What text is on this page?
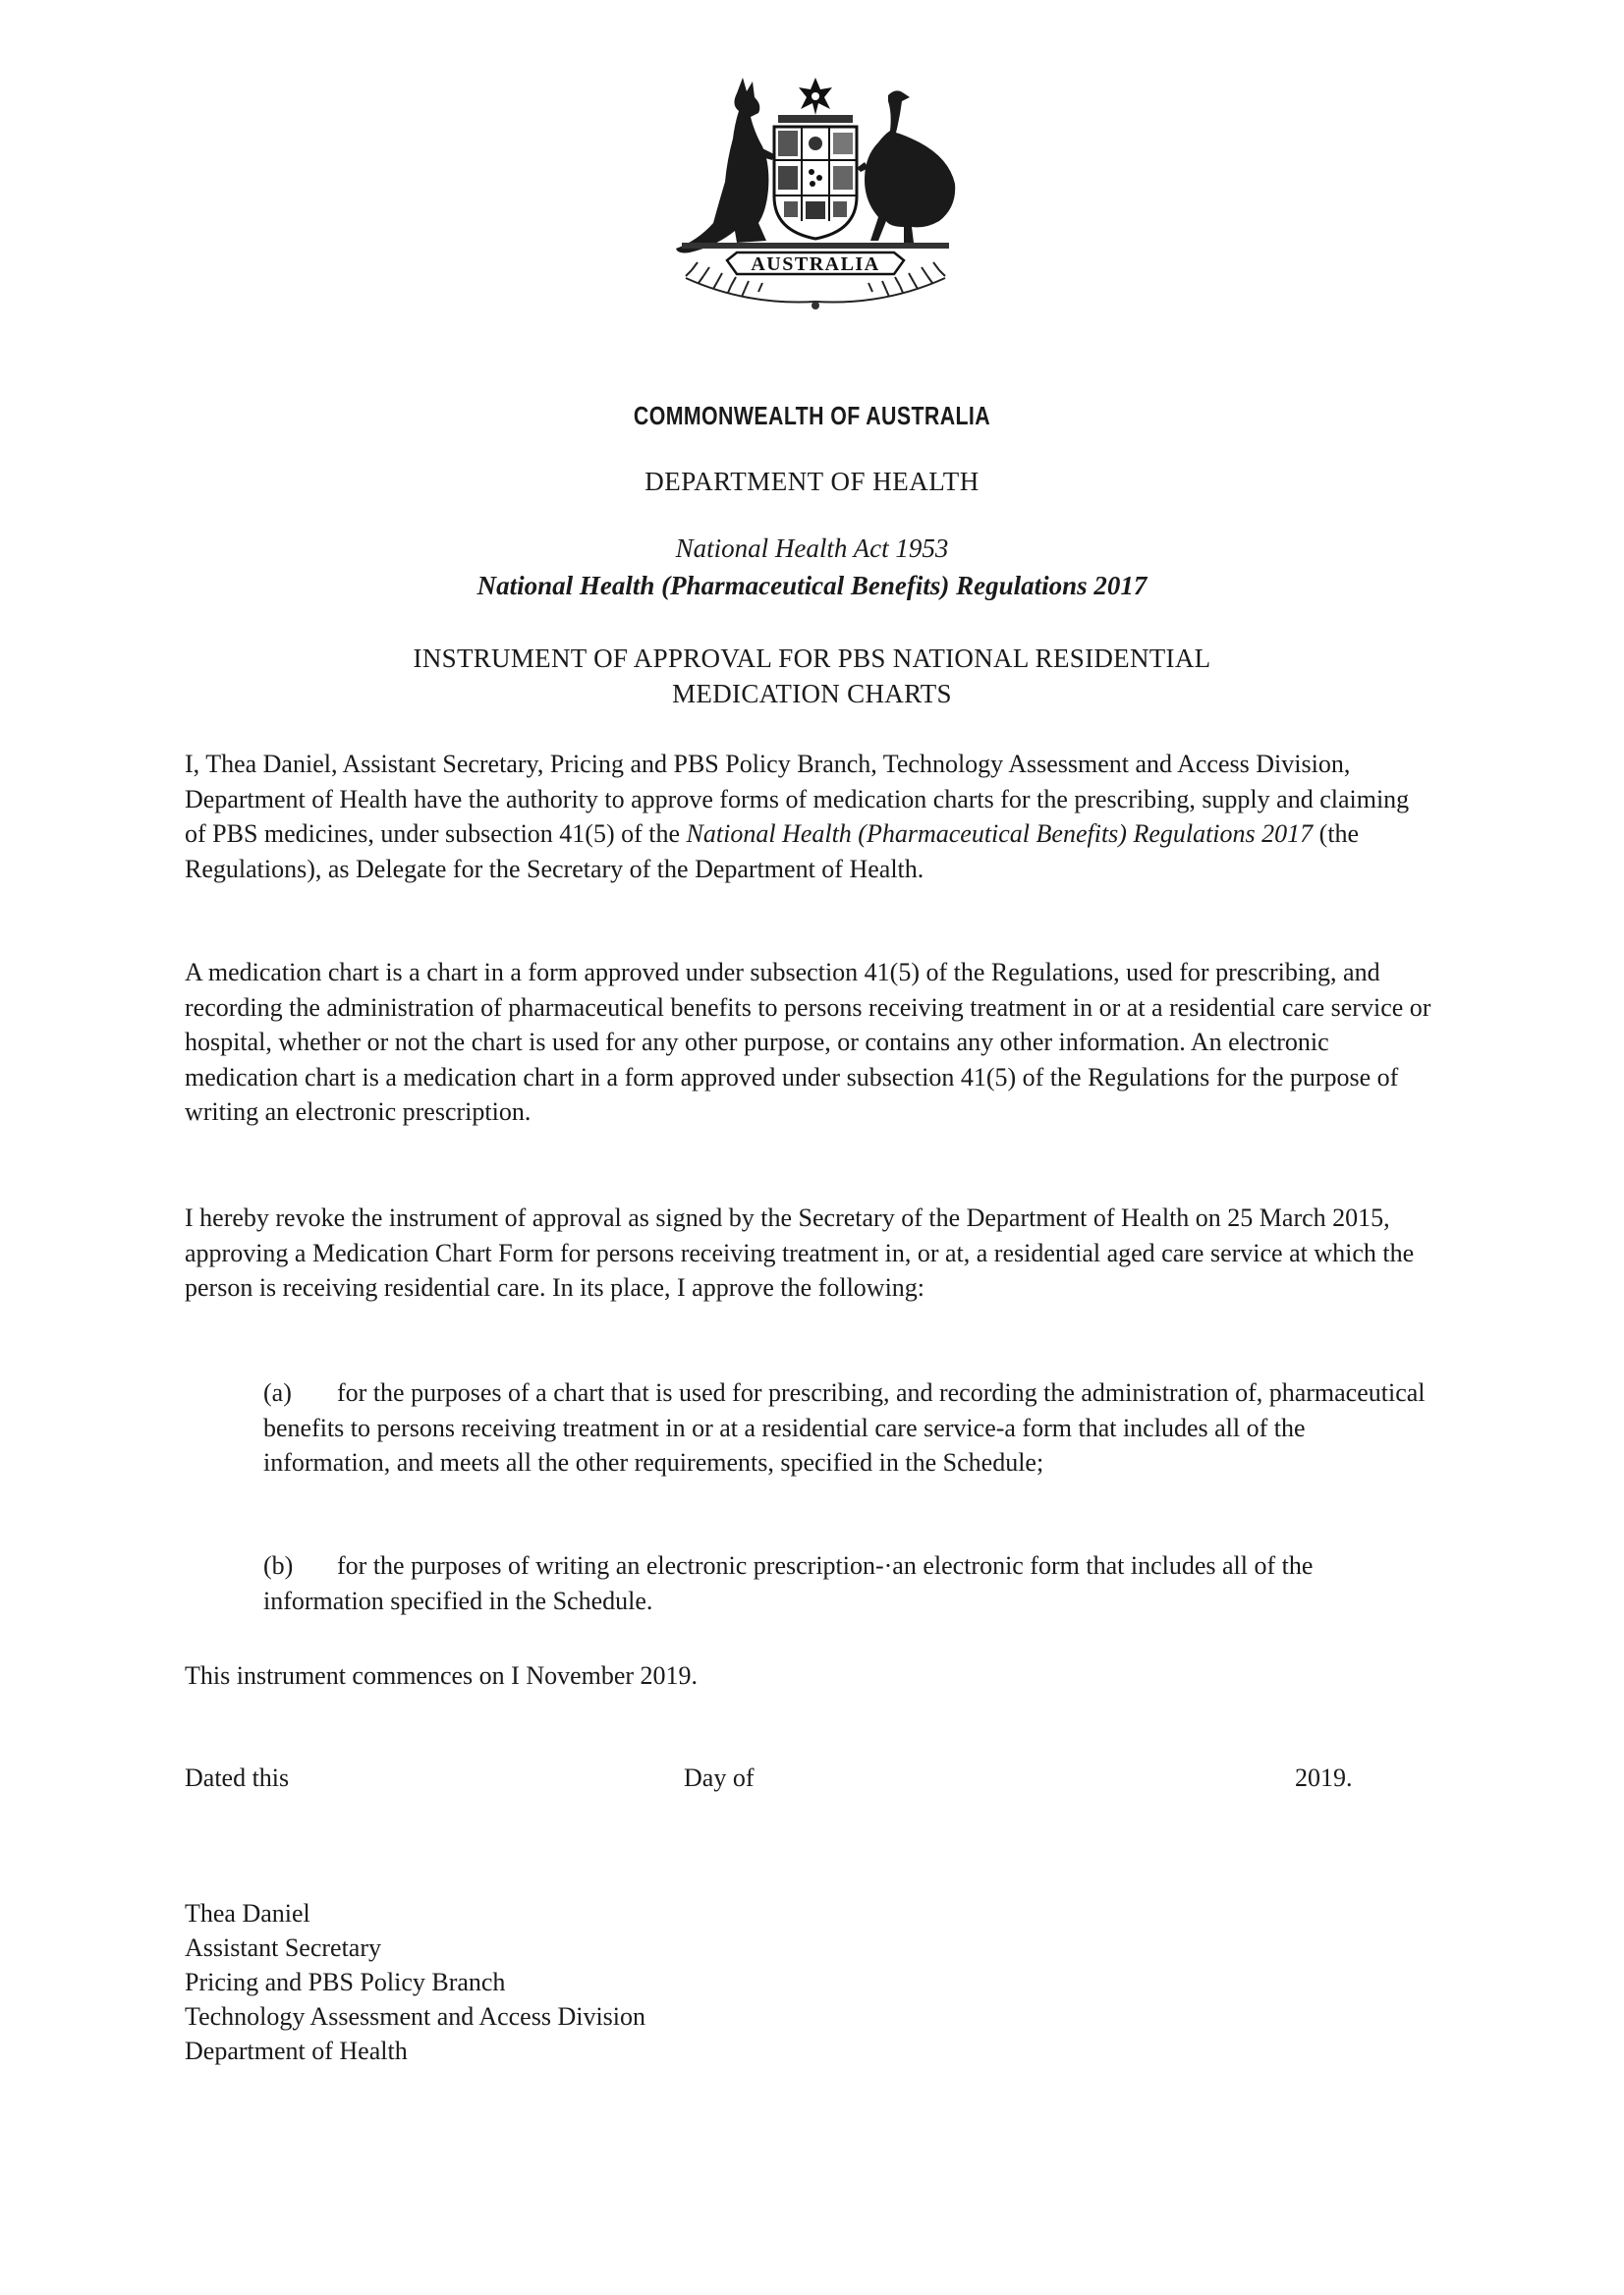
AUSTRALIA
COMMONWEALTH OF AUSTRALIA
DEPARTMENT OF HEALTH
National Health Act 1953
National Health (Pharmaceutical Benefits) Regulations 2017
INSTRUMENT OF APPROVAL FOR PBS NATIONAL RESIDENTIAL
MEDICATION CHARTS

I, Thea Daniel, Assistant Secretary, Pricing and PBS Policy Branch, Technology Assessment and Access Division, Department of Health have the authority to approve forms of medication charts for the prescribing, supply and claiming of PBS medicines, under subsection 41(5) of the National Health (Pharmaceutical Benefits) Regulations 2017 (the Regulations), as Delegate for the Secretary of the Department of Health.

A medication chart is a chart in a form approved under subsection 41(5) of the Regulations, used for prescribing, and recording the administration of pharmaceutical benefits to persons receiving treatment in or at a residential care service or hospital, whether or not the chart is used for any other purpose, or contains any other information. An electronic medication chart is a medication chart in a form approved under subsection 41(5) of the Regulations for the purpose of writing an electronic prescription.

I hereby revoke the instrument of approval as signed by the Secretary of the Department of Health on 25 March 2015, approving a Medication Chart Form for persons receiving treatment in, or at, a residential aged care service at which the person is receiving residential care. In its place, I approve the following:

(a) for the purposes of a chart that is used for prescribing, and recording the administration of, pharmaceutical benefits to persons receiving treatment in or at a residential care service-a form that includes all of the information, and meets all the other requirements, specified in the Schedule;
(b) for the purposes of writing an electronic prescription-·an electronic form that includes all of the information specified in the Schedule.

This instrument commences on I November 2019.

Dated this	Day of	2019.
Thea Daniel
Assistant Secretary
Pricing and PBS Policy Branch
Technology Assessment and Access Division
Department of Health
